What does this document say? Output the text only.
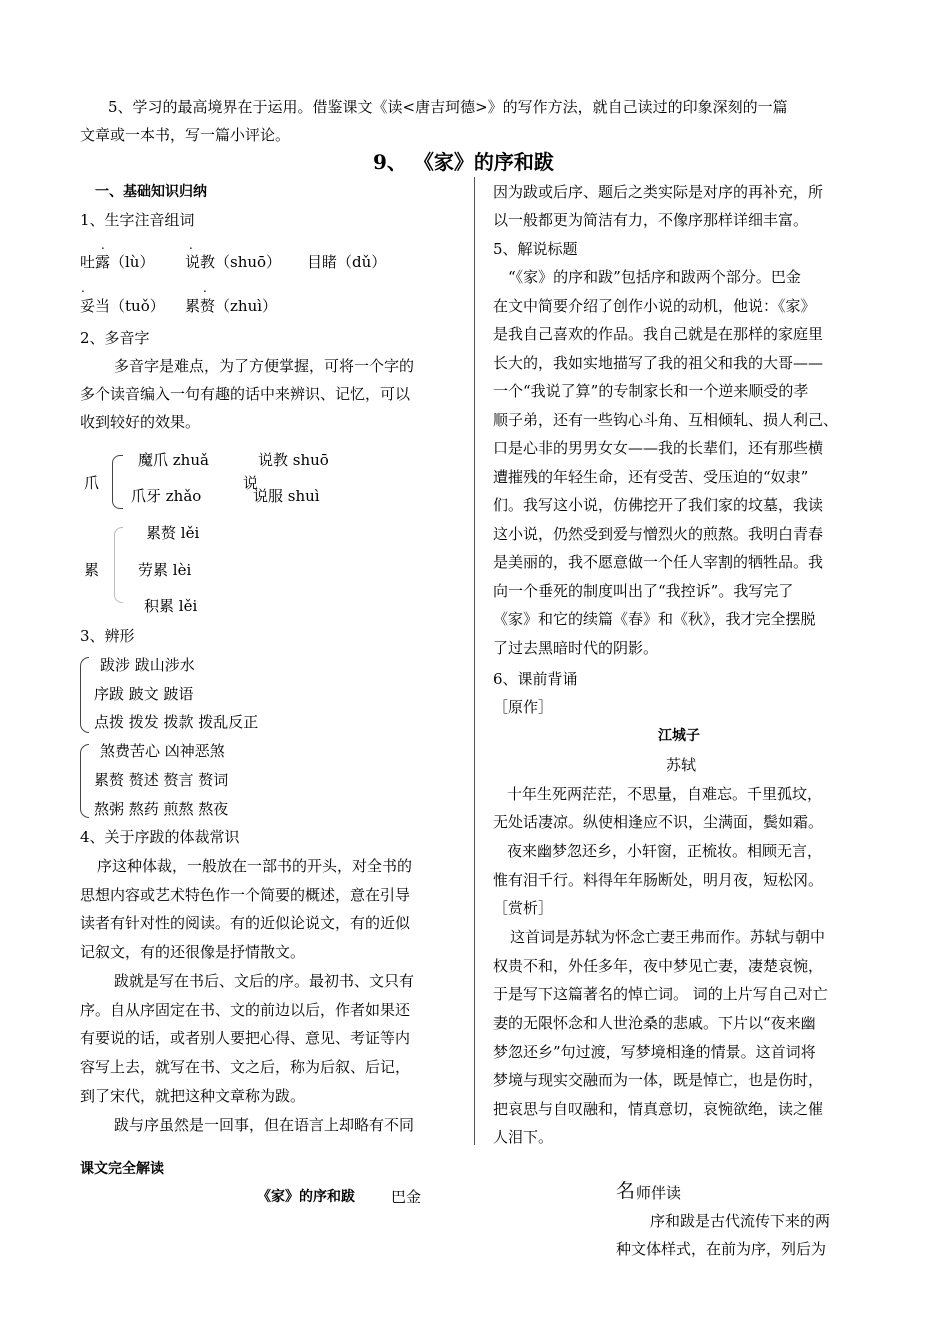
5、学习的最高境界在于运用。借鉴课文《读<唐吉珂德>》的写作方法，就自己读过的印象深刻的一篇
文章或一本书，写一篇小评论。
9、 《家》的序和跋
一、基础知识归纳
1、生字注音组词
.	.
吐露（lù） 说教（shuō） 目睹（dǔ）
.	.
妥当（tuǒ） 累赘（zhuì）
2、多音字
多音字是难点，为了方便掌握，可将一个字的
多个读音编入一句有趣的话中来辨识、记忆，可以
收到较好的效果。
爪
魔爪 zhuǎ
爪牙 zhǎo
说
说教 shuō
说服 shuì
累
累赘 lěi
劳累 lèi
积累 lěi
3、辨形
跋涉 跋山涉水
序跋 跛文 跛语
点拨 拨发 拨款 拨乱反正
煞费苦心 凶神恶煞
累赘 赘述 赘言 赘词
熬粥 熬药 煎熬 熬夜
4、关于序跋的体裁常识
序这种体裁，一般放在一部书的开头，对全书的
思想内容或艺术特色作一个简要的概述，意在引导
读者有针对性的阅读。有的近似论说文，有的近似
记叙文，有的还很像是抒情散文。
跋就是写在书后、文后的序。最初书、文只有
序。自从序固定在书、文的前边以后，作者如果还
有要说的话，或者别人要把心得、意见、考证等内
容写上去，就写在书、文之后，称为后叙、后记，
到了宋代，就把这种文章称为跋。
跋与序虽然是一回事，但在语言上却略有不同
因为跋或后序、题后之类实际是对序的再补充，所
以一般都更为简洁有力，不像序那样详细丰富。
5、解说标题
“《家》的序和跋”包括序和跋两个部分。巴金
在文中简要介绍了创作小说的动机，他说：《家》
是我自己喜欢的作品。我自己就是在那样的家庭里
长大的，我如实地描写了我的祖父和我的大哥——
一个“我说了算”的专制家长和一个逆来顺受的孝
顺子弟，还有一些钩心斗角、互相倾轧、损人利己、
口是心非的男男女女——我的长辈们，还有那些横
遭摧残的年轻生命，还有受苦、受压迫的“奴隶”
们。我写这小说，仿佛挖开了我们家的坟墓，我读
这小说，仍然受到爱与憎烈火的煎熬。我明白青春
是美丽的，我不愿意做一个任人宰割的牺牲品。我
向一个垂死的制度叫出了“我控诉”。我写完了
《家》和它的续篇《春》和《秋》，我才完全摆脱
了过去黑暗时代的阴影。
6、课前背诵
［原作］
江城子
苏轼
十年生死两茫茫，不思量，自难忘。千里孤坟，
无处话凄凉。纵使相逢应不识，尘满面，鬓如霜。
夜来幽梦忽还乡，小轩窗，正梳妆。相顾无言，
惟有泪千行。料得年年肠断处，明月夜，短松冈。
［赏析］
这首词是苏轼为怀念亡妻王弗而作。苏轼与朝中
权贵不和，外任多年，夜中梦见亡妻，凄楚哀惋，
于是写下这篇著名的悼亡词。 词的上片写自己对亡
妻的无限怀念和人世沧桑的悲戚。下片以“夜来幽
梦忽还乡”句过渡，写梦境相逢的情景。这首词将
梦境与现实交融而为一体，既是悼亡，也是伤时，
把哀思与自叹融和，情真意切，哀惋欲绝，读之催
人泪下。
课文完全解读
《家》的序和跋 巴金	名 师伴读
序和跋是古代流传下来的两
种文体样式，在前为序，列后为
